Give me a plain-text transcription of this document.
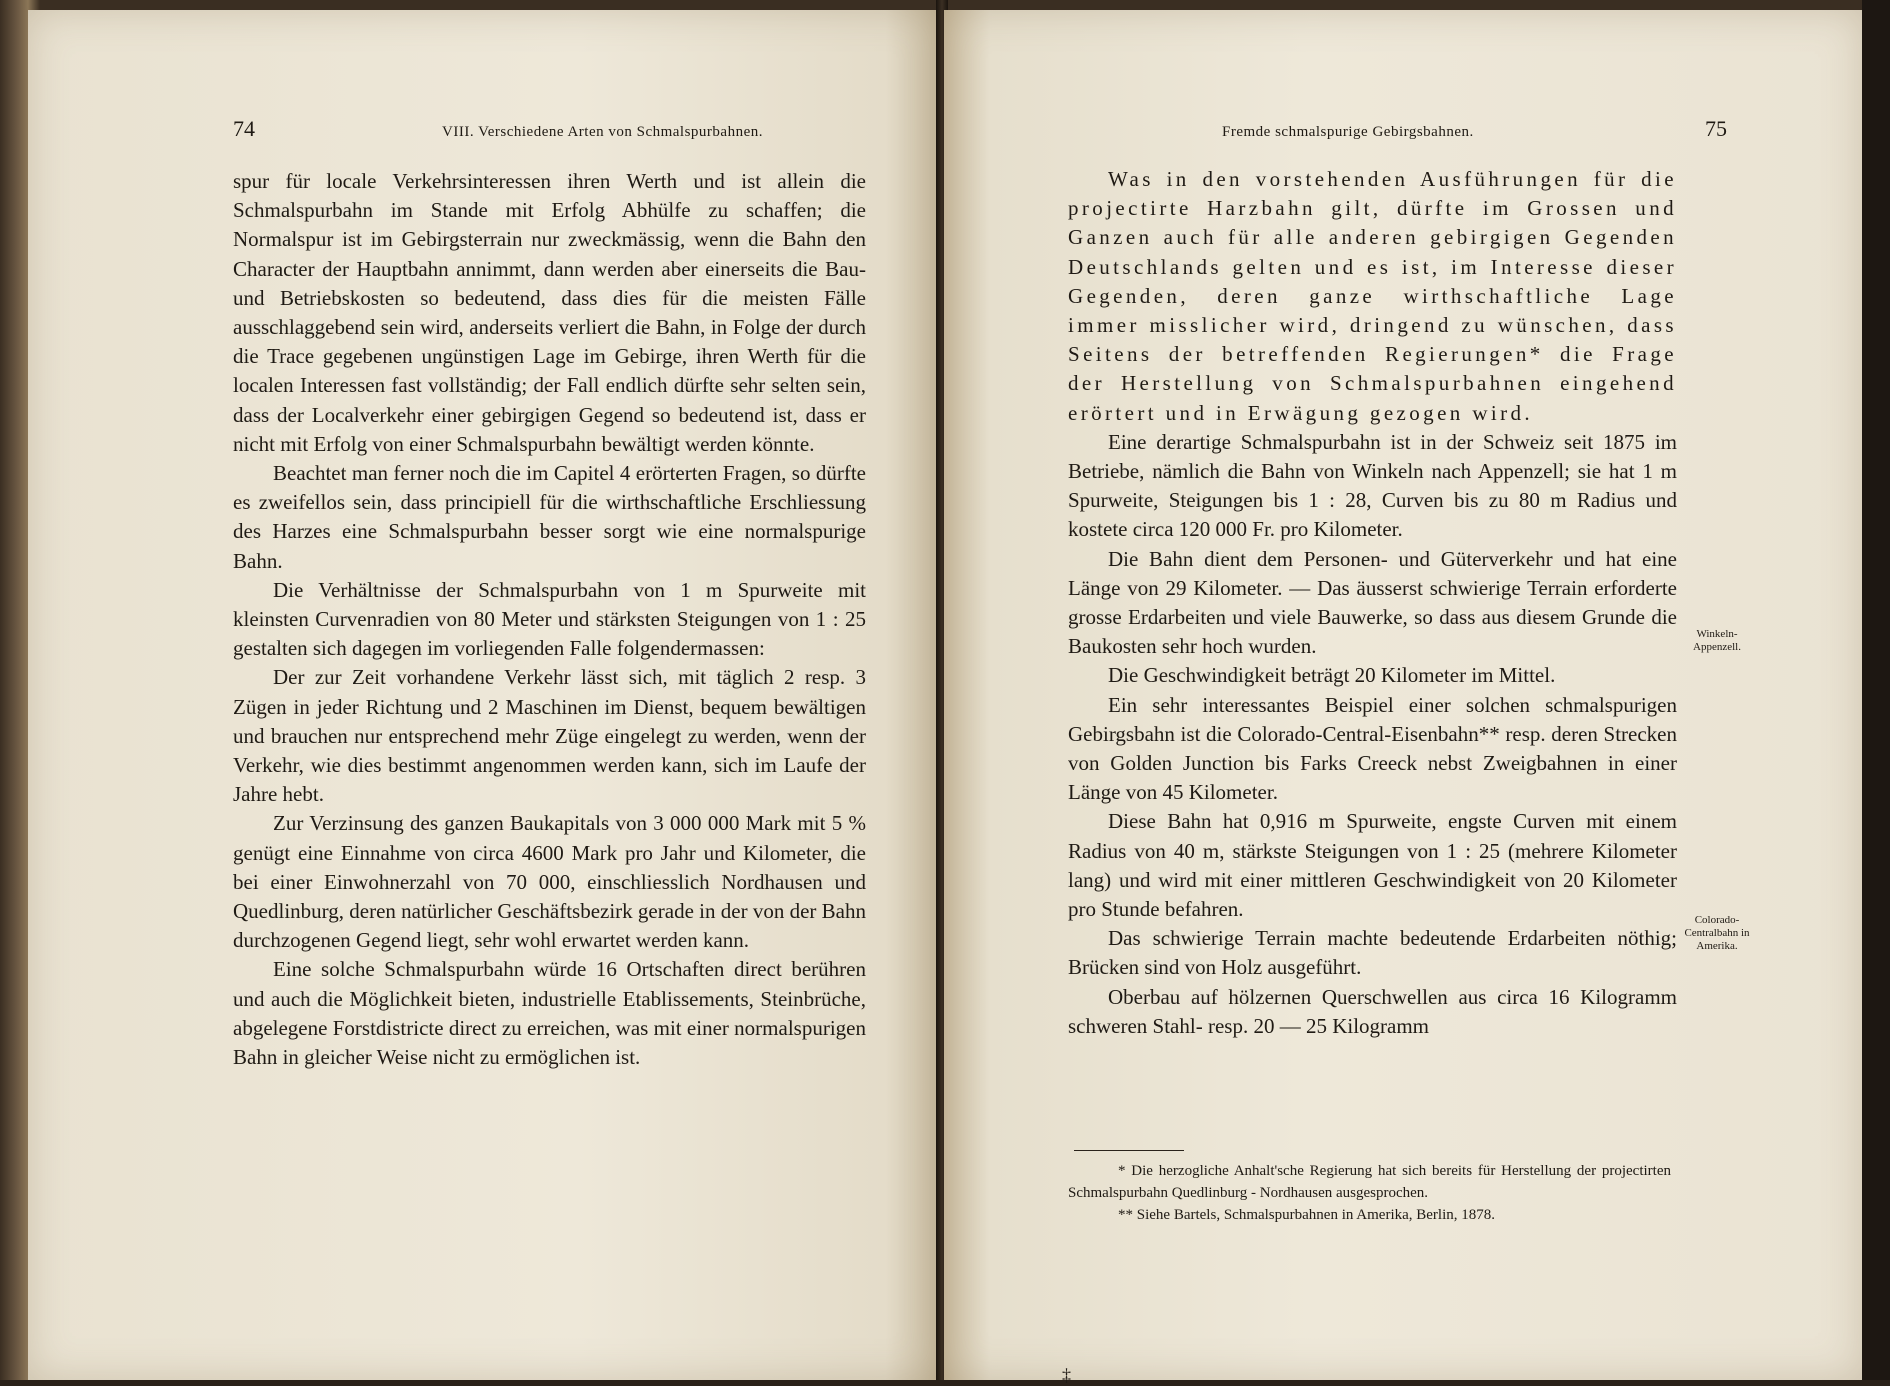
74	VIII. Verschiedene Arten von Schmalspurbahnen.

spur für locale Verkehrsinteressen ihren Werth und ist allein die Schmalspurbahn im Stande mit Erfolg Abhülfe zu schaffen; die Normalspur ist im Gebirgsterrain nur zweckmässig, wenn die Bahn den Character der Hauptbahn annimmt, dann werden aber einerseits die Bau- und Betriebskosten so bedeutend, dass dies für die meisten Fälle ausschlaggebend sein wird, anderseits verliert die Bahn, in Folge der durch die Trace gegebenen ungünstigen Lage im Gebirge, ihren Werth für die localen Interessen fast vollständig; der Fall endlich dürfte sehr selten sein, dass der Localverkehr einer gebirgigen Gegend so bedeutend ist, dass er nicht mit Erfolg von einer Schmalspurbahn bewältigt werden könnte.

Beachtet man ferner noch die im Capitel 4 erörterten Fragen, so dürfte es zweifellos sein, dass principiell für die wirthschaftliche Erschliessung des Harzes eine Schmalspurbahn besser sorgt wie eine normalspurige Bahn.

Die Verhältnisse der Schmalspurbahn von 1 m Spurweite mit kleinsten Curvenradien von 80 Meter und stärksten Steigungen von 1 : 25 gestalten sich dagegen im vorliegenden Falle folgendermassen:

Der zur Zeit vorhandene Verkehr lässt sich, mit täglich 2 resp. 3 Zügen in jeder Richtung und 2 Maschinen im Dienst, bequem bewältigen und brauchen nur entsprechend mehr Züge eingelegt zu werden, wenn der Verkehr, wie dies bestimmt angenommen werden kann, sich im Laufe der Jahre hebt.

Zur Verzinsung des ganzen Baukapitals von 3 000 000 Mark mit 5 % genügt eine Einnahme von circa 4600 Mark pro Jahr und Kilometer, die bei einer Einwohnerzahl von 70 000, einschliesslich Nordhausen und Quedlinburg, deren natürlicher Geschäftsbezirk gerade in der von der Bahn durchzogenen Gegend liegt, sehr wohl erwartet werden kann.

Eine solche Schmalspurbahn würde 16 Ortschaften direct berühren und auch die Möglichkeit bieten, industrielle Etablissements, Steinbrüche, abgelegene Forstdistricte direct zu erreichen, was mit einer normalspurigen Bahn in gleicher Weise nicht zu ermöglichen ist.

Fremde schmalspurige Gebirgsbahnen.	75

Was in den vorstehenden Ausführungen für die projectirte Harzbahn gilt, dürfte im Grossen und Ganzen auch für alle anderen gebirgigen Gegenden Deutschlands gelten und es ist, im Interesse dieser Gegenden, deren ganze wirthschaftliche Lage immer misslicher wird, dringend zu wünschen, dass Seitens der betreffenden Regierungen* die Frage der Herstellung von Schmalspurbahnen eingehend erörtert und in Erwägung gezogen wird.

Eine derartige Schmalspurbahn ist in der Schweiz seit 1875 im Betriebe, nämlich die Bahn von Winkeln nach Appenzell; sie hat 1 m Spurweite, Steigungen bis 1 : 28, Curven bis zu 80 m Radius und kostete circa 120 000 Fr. pro Kilometer.

Die Bahn dient dem Personen- und Güterverkehr und hat eine Länge von 29 Kilometer. — Das äusserst schwierige Terrain erforderte grosse Erdarbeiten und viele Bauwerke, so dass aus diesem Grunde die Baukosten sehr hoch wurden.

Die Geschwindigkeit beträgt 20 Kilometer im Mittel.

Ein sehr interessantes Beispiel einer solchen schmalspurigen Gebirgsbahn ist die Colorado-Central-Eisenbahn** resp. deren Strecken von Golden Junction bis Farks Creeck nebst Zweigbahnen in einer Länge von 45 Kilometer.

Diese Bahn hat 0,916 m Spurweite, engste Curven mit einem Radius von 40 m, stärkste Steigungen von 1 : 25 (mehrere Kilometer lang) und wird mit einer mittleren Geschwindigkeit von 20 Kilometer pro Stunde befahren.

Das schwierige Terrain machte bedeutende Erdarbeiten nöthig; Brücken sind von Holz ausgeführt.

Oberbau auf hölzernen Querschwellen aus circa 16 Kilogramm schweren Stahl- resp. 20 — 25 Kilogramm

Winkeln-Appenzell.
Colorado-Centralbahn in Amerika.

* Die herzogliche Anhalt'sche Regierung hat sich bereits für Herstellung der projectirten Schmalspurbahn Quedlinburg - Nordhausen ausgesprochen.

** Siehe Bartels, Schmalspurbahnen in Amerika, Berlin, 1878.

‡
